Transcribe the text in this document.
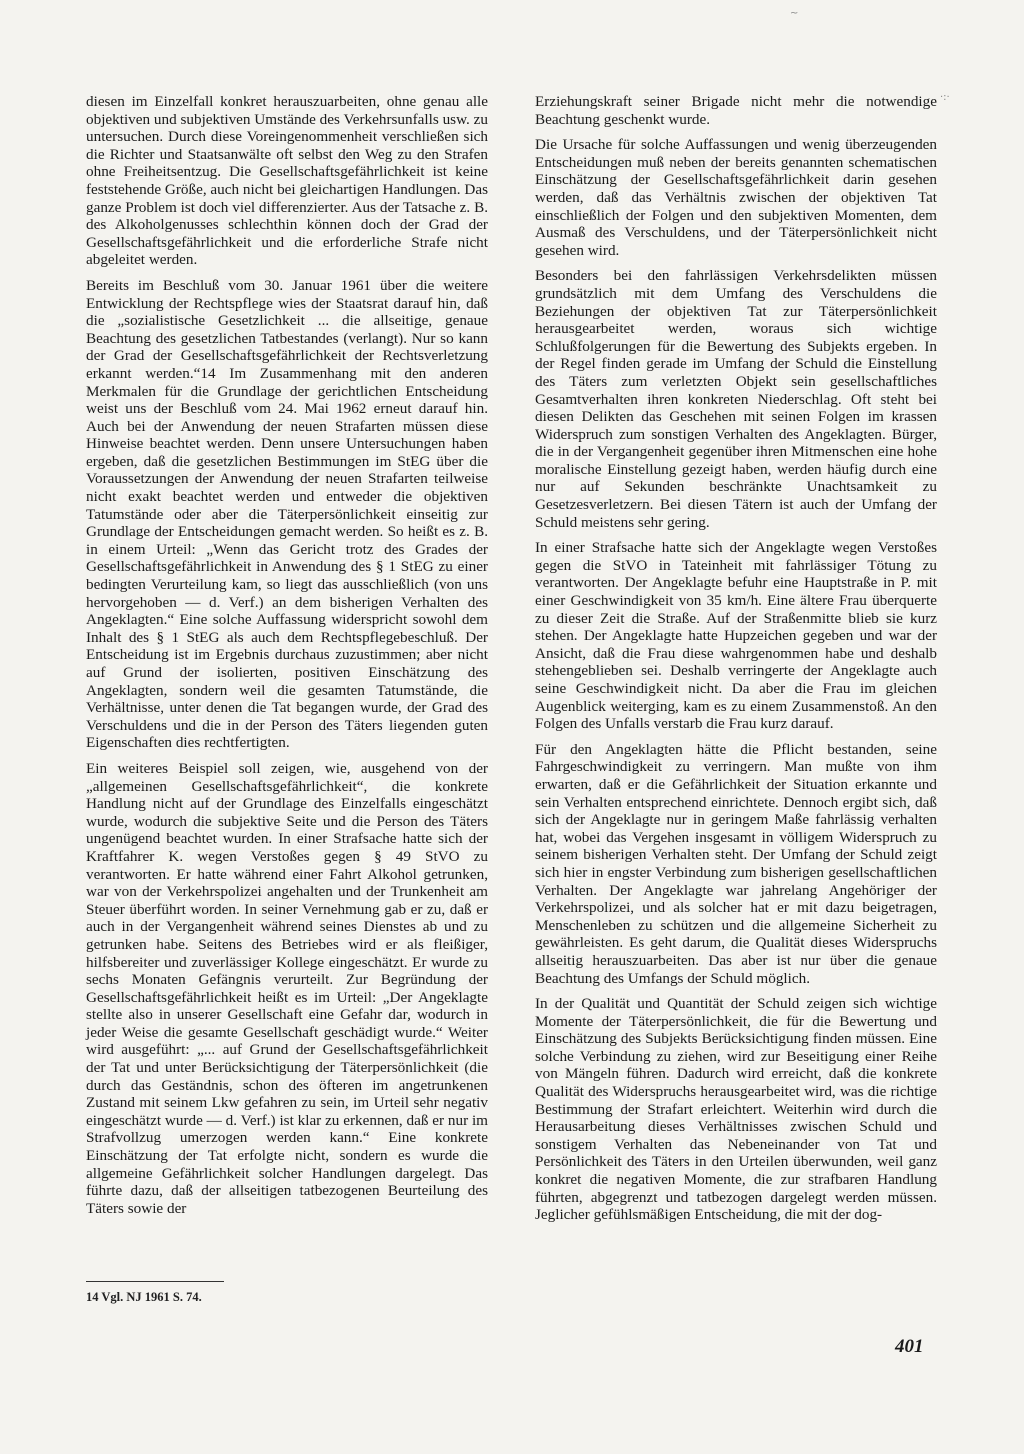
diesen im Einzelfall konkret herauszuarbeiten, ohne genau alle objektiven und subjektiven Umstände des Verkehrsunfalls usw. zu untersuchen. Durch diese Voreingenommenheit verschließen sich die Richter und Staatsanwälte oft selbst den Weg zu den Strafen ohne Freiheitsentzug. Die Gesellschaftsgefährlichkeit ist keine feststehende Größe, auch nicht bei gleichartigen Handlungen. Das ganze Problem ist doch viel differenzierter. Aus der Tatsache z. B. des Alkoholgenusses schlechthin können doch der Grad der Gesellschaftsgefährlichkeit und die erforderliche Strafe nicht abgeleitet werden.

Bereits im Beschluß vom 30. Januar 1961 über die weitere Entwicklung der Rechtspflege wies der Staatsrat darauf hin, daß die „sozialistische Gesetzlichkeit ... die allseitige, genaue Beachtung des gesetzlichen Tatbestandes (verlangt). Nur so kann der Grad der Gesellschaftsgefährlichkeit der Rechtsverletzung erkannt werden.“14 Im Zusammenhang mit den anderen Merkmalen für die Grundlage der gerichtlichen Entscheidung weist uns der Beschluß vom 24. Mai 1962 erneut darauf hin. Auch bei der Anwendung der neuen Strafarten müssen diese Hinweise beachtet werden. Denn unsere Untersuchungen haben ergeben, daß die gesetzlichen Bestimmungen im StEG über die Voraussetzungen der Anwendung der neuen Strafarten teilweise nicht exakt beachtet werden und entweder die objektiven Tatumstände oder aber die Täterpersönlichkeit einseitig zur Grundlage der Entscheidungen gemacht werden. So heißt es z. B. in einem Urteil: „Wenn das Gericht trotz des Grades der Gesellschaftsgefährlichkeit in Anwendung des § 1 StEG zu einer bedingten Verurteilung kam, so liegt das ausschließlich (von uns hervorgehoben — d. Verf.) an dem bisherigen Verhalten des Angeklagten.“ Eine solche Auffassung widerspricht sowohl dem Inhalt des § 1 StEG als auch dem Rechtspflegebeschluß. Der Entscheidung ist im Ergebnis durchaus zuzustimmen; aber nicht auf Grund der isolierten, positiven Einschätzung des Angeklagten, sondern weil die gesamten Tatumstände, die Verhältnisse, unter denen die Tat begangen wurde, der Grad des Verschuldens und die in der Person des Täters liegenden guten Eigenschaften dies rechtfertigten.

Ein weiteres Beispiel soll zeigen, wie, ausgehend von der „allgemeinen Gesellschaftsgefährlichkeit“, die konkrete Handlung nicht auf der Grundlage des Einzelfalls eingeschätzt wurde, wodurch die subjektive Seite und die Person des Täters ungenügend beachtet wurden. In einer Strafsache hatte sich der Kraftfahrer K. wegen Verstoßes gegen § 49 StVO zu verantworten. Er hatte während einer Fahrt Alkohol getrunken, war von der Verkehrspolizei angehalten und der Trunkenheit am Steuer überführt worden. In seiner Vernehmung gab er zu, daß er auch in der Vergangenheit während seines Dienstes ab und zu getrunken habe. Seitens des Betriebes wird er als fleißiger, hilfsbereiter und zuverlässiger Kollege eingeschätzt. Er wurde zu sechs Monaten Gefängnis verurteilt. Zur Begründung der Gesellschaftsgefährlichkeit heißt es im Urteil: „Der Angeklagte stellte also in unserer Gesellschaft eine Gefahr dar, wodurch in jeder Weise die gesamte Gesellschaft geschädigt wurde.“ Weiter wird ausgeführt: „... auf Grund der Gesellschaftsgefährlichkeit der Tat und unter Berücksichtigung der Täterpersönlichkeit (die durch das Geständnis, schon des öfteren im angetrunkenen Zustand mit seinem Lkw gefahren zu sein, im Urteil sehr negativ eingeschätzt wurde — d. Verf.) ist klar zu erkennen, daß er nur im Strafvollzug umerzogen werden kann.“ Eine konkrete Einschätzung der Tat erfolgte nicht, sondern es wurde die allgemeine Gefährlichkeit solcher Handlungen dargelegt. Das führte dazu, daß der allseitigen tatbezogenen Beurteilung des Täters sowie der

Erziehungskraft seiner Brigade nicht mehr die notwendige Beachtung geschenkt wurde.

Die Ursache für solche Auffassungen und wenig überzeugenden Entscheidungen muß neben der bereits genannten schematischen Einschätzung der Gesellschaftsgefährlichkeit darin gesehen werden, daß das Verhältnis zwischen der objektiven Tat einschließlich der Folgen und den subjektiven Momenten, dem Ausmaß des Verschuldens, und der Täterpersönlichkeit nicht gesehen wird.

Besonders bei den fahrlässigen Verkehrsdelikten müssen grundsätzlich mit dem Umfang des Verschuldens die Beziehungen der objektiven Tat zur Täterpersönlichkeit herausgearbeitet werden, woraus sich wichtige Schlußfolgerungen für die Bewertung des Subjekts ergeben. In der Regel finden gerade im Umfang der Schuld die Einstellung des Täters zum verletzten Objekt sein gesellschaftliches Gesamtverhalten ihren konkreten Niederschlag. Oft steht bei diesen Delikten das Geschehen mit seinen Folgen im krassen Widerspruch zum sonstigen Verhalten des Angeklagten. Bürger, die in der Vergangenheit gegenüber ihren Mitmenschen eine hohe moralische Einstellung gezeigt haben, werden häufig durch eine nur auf Sekunden beschränkte Unachtsamkeit zu Gesetzesverletzern. Bei diesen Tätern ist auch der Umfang der Schuld meistens sehr gering.

In einer Strafsache hatte sich der Angeklagte wegen Verstoßes gegen die StVO in Tateinheit mit fahrlässiger Tötung zu verantworten. Der Angeklagte befuhr eine Hauptstraße in P. mit einer Geschwindigkeit von 35 km/h. Eine ältere Frau überquerte zu dieser Zeit die Straße. Auf der Straßenmitte blieb sie kurz stehen. Der Angeklagte hatte Hupzeichen gegeben und war der Ansicht, daß die Frau diese wahrgenommen habe und deshalb stehengeblieben sei. Deshalb verringerte der Angeklagte auch seine Geschwindigkeit nicht. Da aber die Frau im gleichen Augenblick weiterging, kam es zu einem Zusammenstoß. An den Folgen des Unfalls verstarb die Frau kurz darauf.

Für den Angeklagten hätte die Pflicht bestanden, seine Fahrgeschwindigkeit zu verringern. Man mußte von ihm erwarten, daß er die Gefährlichkeit der Situation erkannte und sein Verhalten entsprechend einrichtete. Dennoch ergibt sich, daß sich der Angeklagte nur in geringem Maße fahrlässig verhalten hat, wobei das Vergehen insgesamt in völligem Widerspruch zu seinem bisherigen Verhalten steht. Der Umfang der Schuld zeigt sich hier in engster Verbindung zum bisherigen gesellschaftlichen Verhalten. Der Angeklagte war jahrelang Angehöriger der Verkehrspolizei, und als solcher hat er mit dazu beigetragen, Menschenleben zu schützen und die allgemeine Sicherheit zu gewährleisten. Es geht darum, die Qualität dieses Widerspruchs allseitig herauszuarbeiten. Das aber ist nur über die genaue Beachtung des Umfangs der Schuld möglich.

In der Qualität und Quantität der Schuld zeigen sich wichtige Momente der Täterpersönlichkeit, die für die Bewertung und Einschätzung des Subjekts Berücksichtigung finden müssen. Eine solche Verbindung zu ziehen, wird zur Beseitigung einer Reihe von Mängeln führen. Dadurch wird erreicht, daß die konkrete Qualität des Widerspruchs herausgearbeitet wird, was die richtige Bestimmung der Strafart erleichtert. Weiterhin wird durch die Herausarbeitung dieses Verhältnisses zwischen Schuld und sonstigem Verhalten das Nebeneinander von Tat und Persönlichkeit des Täters in den Urteilen überwunden, weil ganz konkret die negativen Momente, die zur strafbaren Handlung führten, abgegrenzt und tatbezogen dargelegt werden müssen. Jeglicher gefühlsmäßigen Entscheidung, die mit der dog-

14 Vgl. NJ 1961 S. 74.
401
·:·
~
